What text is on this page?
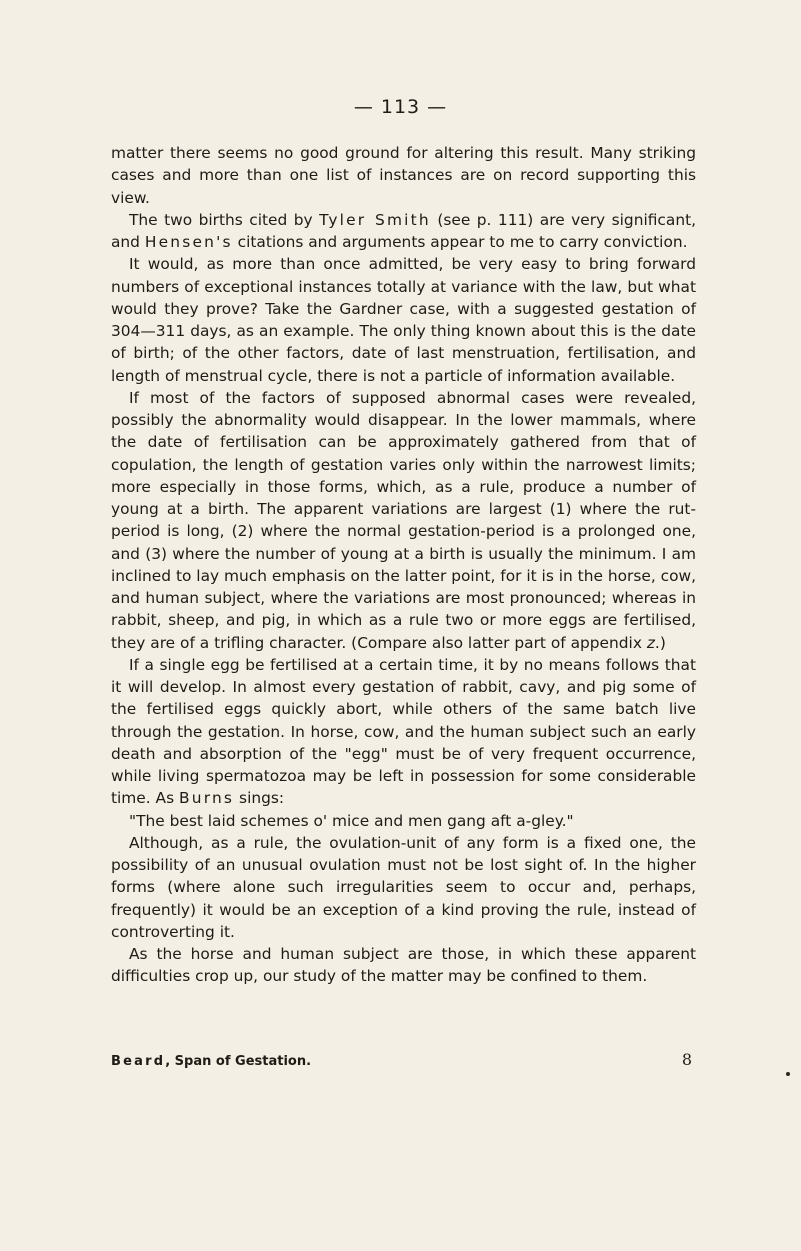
— 113 —

matter there seems no good ground for altering this result. Many striking cases and more than one list of instances are on record supporting this view.

The two births cited by Tyler Smith (see p. 111) are very significant, and Hensen's citations and arguments appear to me to carry conviction.

It would, as more than once admitted, be very easy to bring forward numbers of exceptional instances totally at variance with the law, but what would they prove? Take the Gardner case, with a suggested gestation of 304—311 days, as an example. The only thing known about this is the date of birth; of the other factors, date of last menstruation, fertilisation, and length of menstrual cycle, there is not a particle of information available.

If most of the factors of supposed abnormal cases were revealed, possibly the abnormality would disappear. In the lower mammals, where the date of fertilisation can be approximately gathered from that of copulation, the length of gestation varies only within the narrowest limits; more especially in those forms, which, as a rule, produce a number of young at a birth. The apparent variations are largest (1) where the rut-period is long, (2) where the normal gestation-period is a prolonged one, and (3) where the number of young at a birth is usually the minimum. I am inclined to lay much emphasis on the latter point, for it is in the horse, cow, and human subject, where the variations are most pronounced; whereas in rabbit, sheep, and pig, in which as a rule two or more eggs are fertilised, they are of a trifling character. (Compare also latter part of appendix z.)

If a single egg be fertilised at a certain time, it by no means follows that it will develop. In almost every gestation of rabbit, cavy, and pig some of the fertilised eggs quickly abort, while others of the same batch live through the gestation. In horse, cow, and the human subject such an early death and absorption of the "egg" must be of very frequent occurrence, while living spermatozoa may be left in possession for some considerable time. As Burns sings:

"The best laid schemes o' mice and men gang aft a-gley."

Although, as a rule, the ovulation-unit of any form is a fixed one, the possibility of an unusual ovulation must not be lost sight of. In the higher forms (where alone such irregularities seem to occur and, perhaps, frequently) it would be an exception of a kind proving the rule, instead of controverting it.

As the horse and human subject are those, in which these apparent difficulties crop up, our study of the matter may be confined to them.

Beard, Span of Gestation.	8
